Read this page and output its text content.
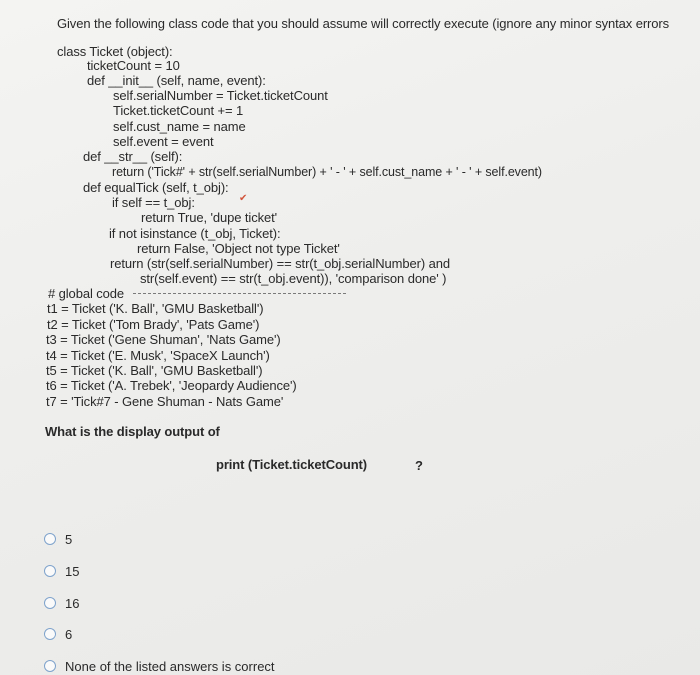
Given the following class code that you should assume will correctly execute (ignore any minor syntax errors
class Ticket (object):
ticketCount = 10
def __init__ (self, name, event):
self.serialNumber = Ticket.ticketCount
Ticket.ticketCount += 1
self.cust_name = name
self.event = event
def __str__ (self):
return ('Tick#' + str(self.serialNumber) + ' - ' + self.cust_name + ' - ' + self.event)
def equalTick (self, t_obj):
if self == t_obj:	✔
return True, 'dupe ticket'
if not isinstance (t_obj, Ticket):
return False, 'Object not type Ticket'
return (str(self.serialNumber) == str(t_obj.serialNumber) and
str(self.event) == str(t_obj.event)), 'comparison done' )
# global code
t1 = Ticket ('K. Ball', 'GMU Basketball')
t2 = Ticket ('Tom Brady', 'Pats Game')
t3 = Ticket ('Gene Shuman', 'Nats Game')
t4 = Ticket ('E. Musk', 'SpaceX Launch')
t5 = Ticket ('K. Ball', 'GMU Basketball')
t6 = Ticket ('A. Trebek', 'Jeopardy Audience')
t7 = 'Tick#7 - Gene Shuman - Nats Game'
What is the display output of
print (Ticket.ticketCount)	?
5
15
16
6
None of the listed answers is correct
